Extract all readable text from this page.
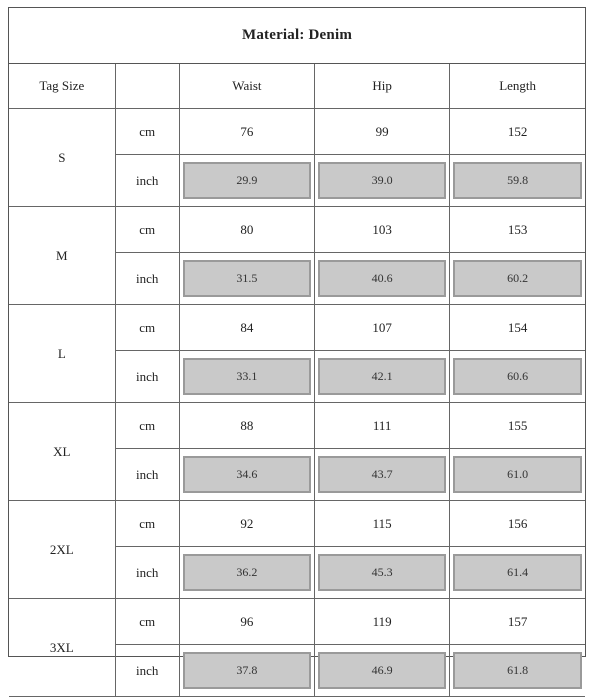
Material: Denim
Tag Size		Waist	Hip	Length
S	cm	76	99	152
	inch	29.9	39.0	59.8

M	cm	80	103	153
	inch	31.5	40.6	60.2

L	cm	84	107	154
	inch	33.1	42.1	60.6

XL	cm	88	111	155
	inch	34.6	43.7	61.0

2XL	cm	92	115	156
	inch	36.2	45.3	61.4

3XL	cm	96	119	157
	inch	37.8	46.9	61.8
